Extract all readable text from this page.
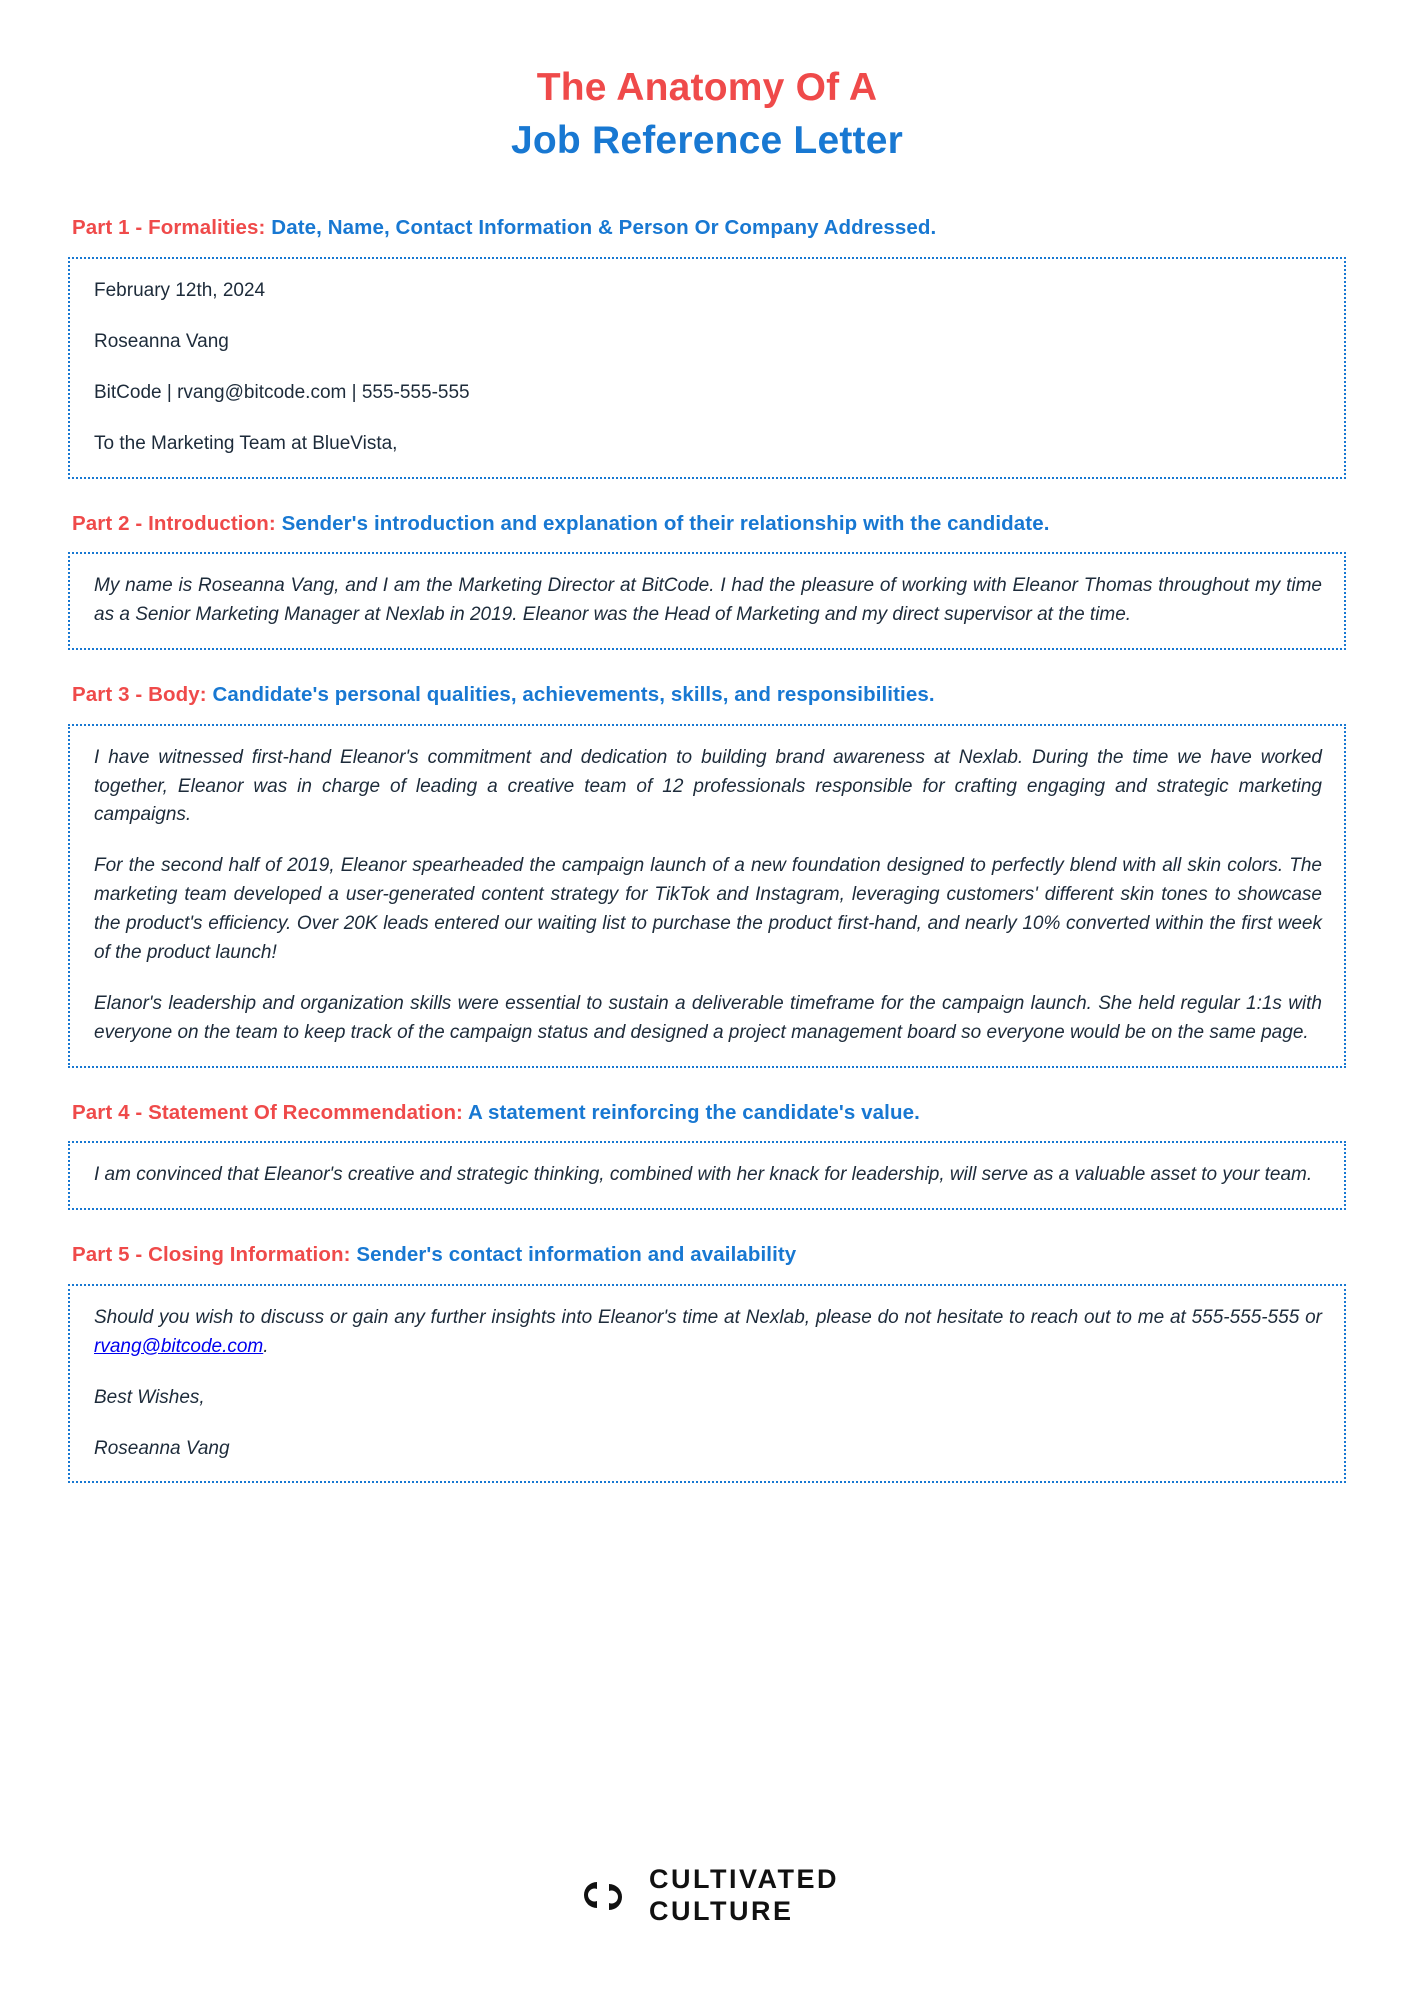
The Anatomy Of A
Job Reference Letter
Part 1 - Formalities: Date, Name, Contact Information & Person Or Company Addressed.

February 12th, 2024

Roseanna Vang

BitCode | rvang@bitcode.com | 555-555-555

To the Marketing Team at BlueVista,

Part 2 - Introduction: Sender's introduction and explanation of their relationship with the candidate.

My name is Roseanna Vang, and I am the Marketing Director at BitCode. I had the pleasure of working with Eleanor Thomas throughout my time as a Senior Marketing Manager at Nexlab in 2019. Eleanor was the Head of Marketing and my direct supervisor at the time.

Part 3 - Body: Candidate's personal qualities, achievements, skills, and responsibilities.

I have witnessed first-hand Eleanor's commitment and dedication to building brand awareness at Nexlab. During the time we have worked together, Eleanor was in charge of leading a creative team of 12 professionals responsible for crafting engaging and strategic marketing campaigns.

For the second half of 2019, Eleanor spearheaded the campaign launch of a new foundation designed to perfectly blend with all skin colors. The marketing team developed a user-generated content strategy for TikTok and Instagram, leveraging customers' different skin tones to showcase the product's efficiency. Over 20K leads entered our waiting list to purchase the product first-hand, and nearly 10% converted within the first week of the product launch!

Elanor's leadership and organization skills were essential to sustain a deliverable timeframe for the campaign launch. She held regular 1:1s with everyone on the team to keep track of the campaign status and designed a project management board so everyone would be on the same page.

Part 4 - Statement Of Recommendation: A statement reinforcing the candidate's value.

I am convinced that Eleanor's creative and strategic thinking, combined with her knack for leadership, will serve as a valuable asset to your team.

Part 5 - Closing Information: Sender's contact information and availability

Should you wish to discuss or gain any further insights into Eleanor's time at Nexlab, please do not hesitate to reach out to me at 555-555-555 or rvang@bitcode.com.

Best Wishes,

Roseanna Vang

CULTIVATED
CULTURE
